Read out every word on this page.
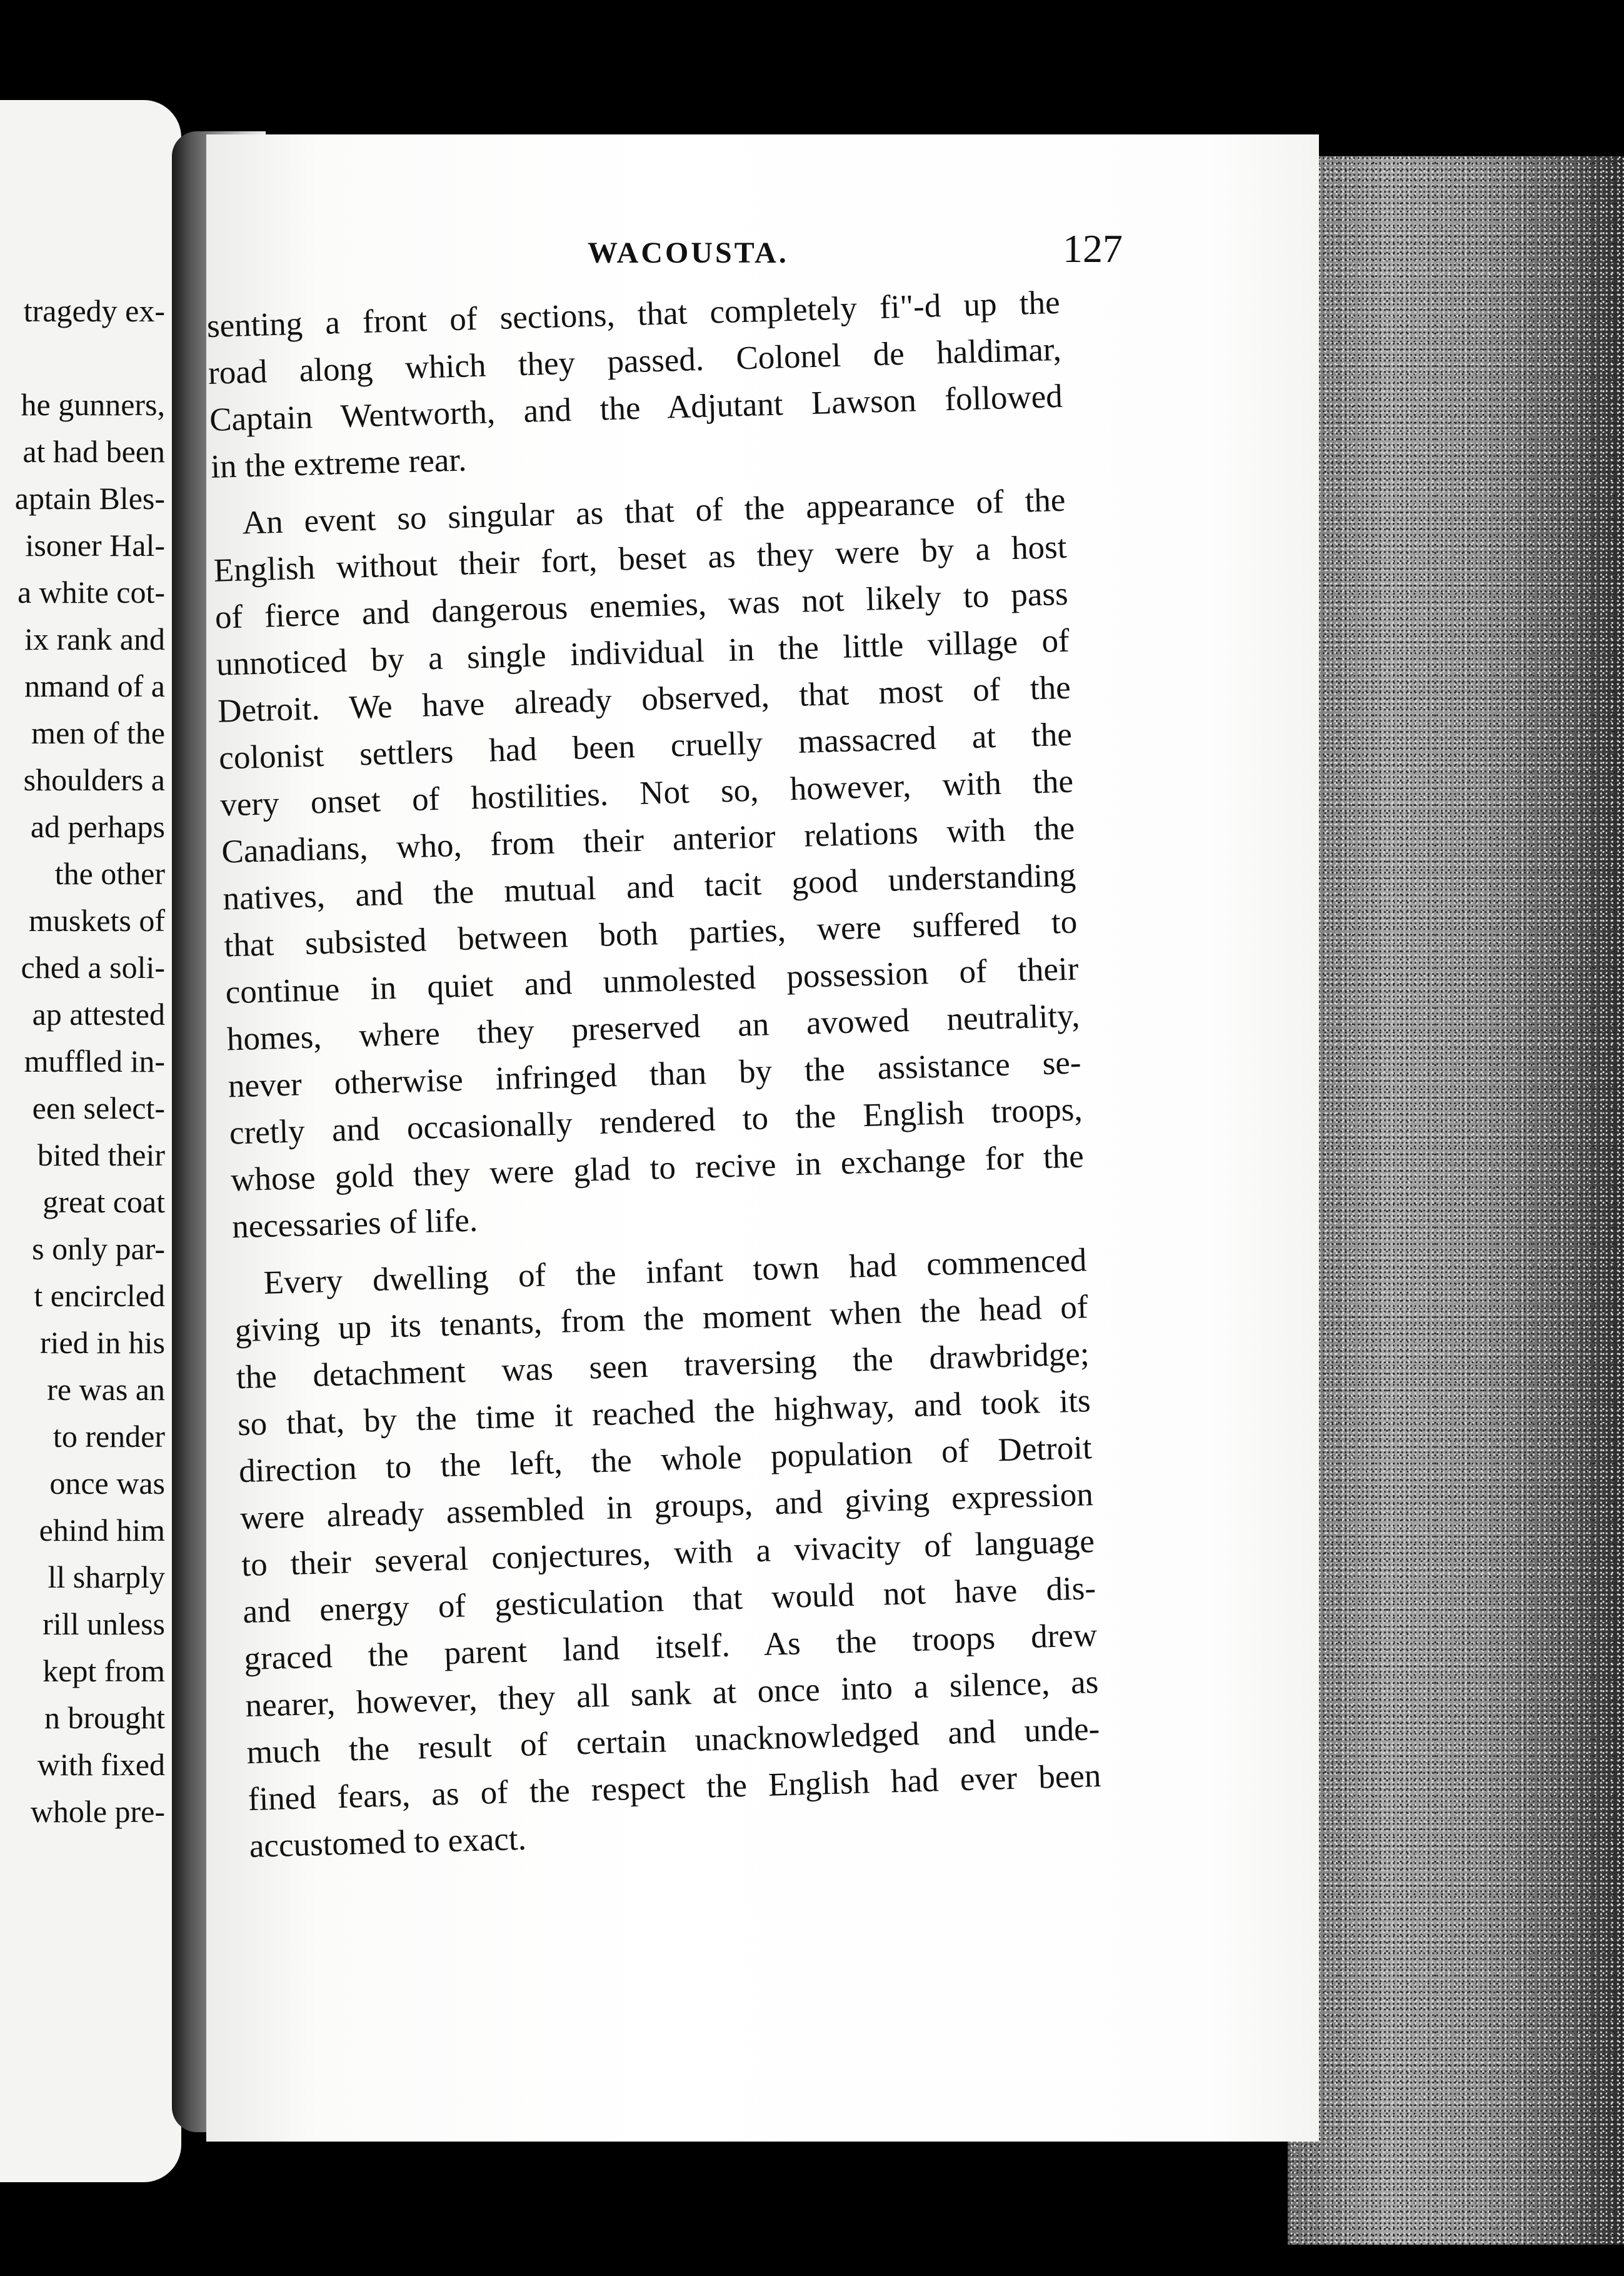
tragedy ex-
he gunners,
at had been
aptain Bles-
isoner Hal-
a white cot-
ix rank and
nmand of a
men of the
shoulders a
ad perhaps
the other
muskets of
ched a soli-
ap attested
muffled in-
een select-
bited their
great coat
s only par-
t encircled
ried in his
re was an
to render
once was
ehind him
ll sharply
rill unless
kept from
n brought
with fixed
whole pre-
WACOUSTA.	127
senting a front of sections, that completely fi"-d up the
road along which they passed. Colonel de haldimar,
Captain Wentworth, and the Adjutant Lawson followed
in the extreme rear.
An event so singular as that of the appearance of the
English without their fort, beset as they were by a host
of fierce and dangerous enemies, was not likely to pass
unnoticed by a single individual in the little village of
Detroit. We have already observed, that most of the
colonist settlers had been cruelly massacred at the
very onset of hostilities. Not so, however, with the
Canadians, who, from their anterior relations with the
natives, and the mutual and tacit good understanding
that subsisted between both parties, were suffered to
continue in quiet and unmolested possession of their
homes, where they preserved an avowed neutrality,
never otherwise infringed than by the assistance se-
cretly and occasionally rendered to the English troops,
whose gold they were glad to recive in exchange for the
necessaries of life.
Every dwelling of the infant town had commenced
giving up its tenants, from the moment when the head of
the detachment was seen traversing the drawbridge;
so that, by the time it reached the highway, and took its
direction to the left, the whole population of Detroit
were already assembled in groups, and giving expression
to their several conjectures, with a vivacity of language
and energy of gesticulation that would not have dis-
graced the parent land itself. As the troops drew
nearer, however, they all sank at once into a silence, as
much the result of certain unacknowledged and unde-
fined fears, as of the respect the English had ever been
accustomed to exact.
